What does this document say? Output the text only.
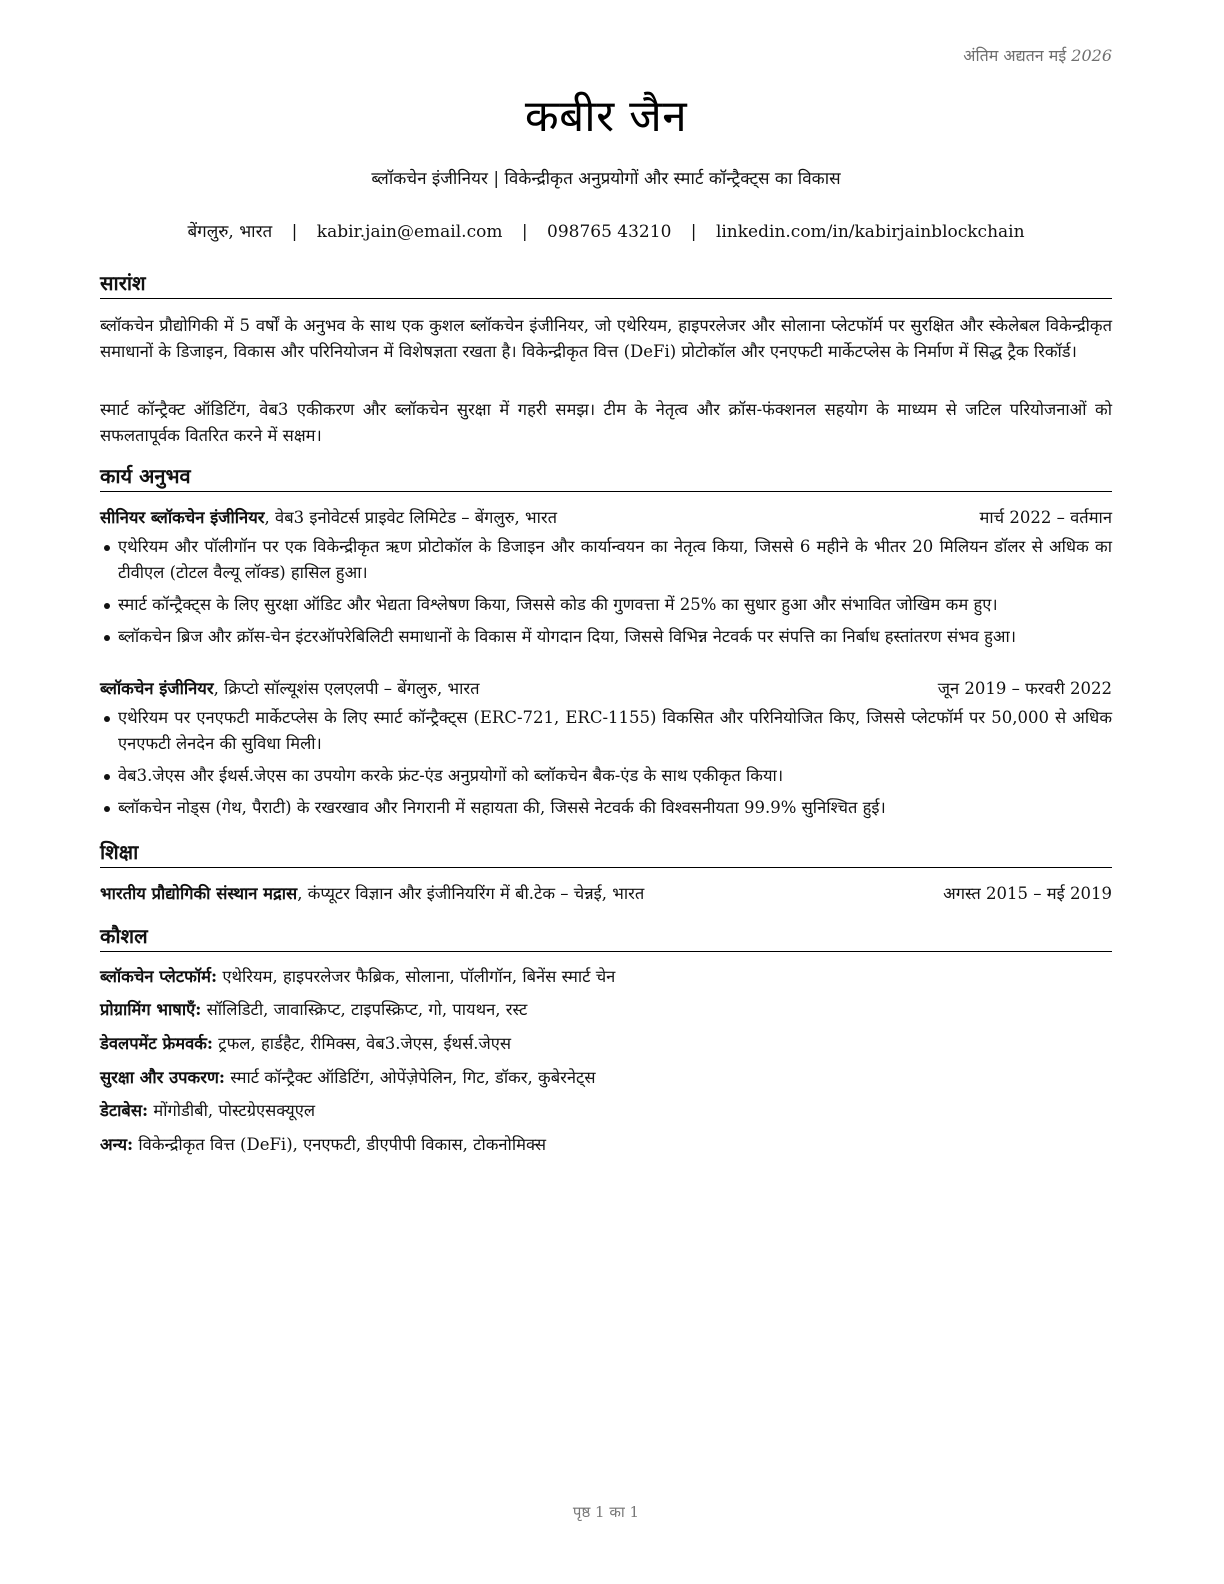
अंतिम अद्यतन मई 2026
कबीर जैन
ब्लॉकचेन इंजीनियर | विकेन्द्रीकृत अनुप्रयोगों और स्मार्ट कॉन्ट्रैक्ट्स का विकास
बेंगलुरु, भारत | kabir.jain@email.com | 098765 43210 | linkedin.com/in/kabirjainblockchain
सारांश
ब्लॉकचेन प्रौद्योगिकी में 5 वर्षों के अनुभव के साथ एक कुशल ब्लॉकचेन इंजीनियर, जो एथेरियम, हाइपरलेजर और सोलाना प्लेटफॉर्म पर सुरक्षित और स्केलेबल विकेन्द्रीकृत समाधानों के डिजाइन, विकास और परिनियोजन में विशेषज्ञता रखता है। विकेन्द्रीकृत वित्त (DeFi) प्रोटोकॉल और एनएफटी मार्केटप्लेस के निर्माण में सिद्ध ट्रैक रिकॉर्ड।
स्मार्ट कॉन्ट्रैक्ट ऑडिटिंग, वेब3 एकीकरण और ब्लॉकचेन सुरक्षा में गहरी समझ। टीम के नेतृत्व और क्रॉस-फंक्शनल सहयोग के माध्यम से जटिल परियोजनाओं को सफलतापूर्वक वितरित करने में सक्षम।
कार्य अनुभव
सीनियर ब्लॉकचेन इंजीनियर, वेब3 इनोवेटर्स प्राइवेट लिमिटेड – बेंगलुरु, भारत	मार्च 2022 – वर्तमान
एथेरियम और पॉलीगॉन पर एक विकेन्द्रीकृत ऋण प्रोटोकॉल के डिजाइन और कार्यान्वयन का नेतृत्व किया, जिससे 6 महीने के भीतर 20 मिलियन डॉलर से अधिक का टीवीएल (टोटल वैल्यू लॉक्ड) हासिल हुआ।
स्मार्ट कॉन्ट्रैक्ट्स के लिए सुरक्षा ऑडिट और भेद्यता विश्लेषण किया, जिससे कोड की गुणवत्ता में 25% का सुधार हुआ और संभावित जोखिम कम हुए।
ब्लॉकचेन ब्रिज और क्रॉस-चेन इंटरऑपरेबिलिटी समाधानों के विकास में योगदान दिया, जिससे विभिन्न नेटवर्क पर संपत्ति का निर्बाध हस्तांतरण संभव हुआ।
ब्लॉकचेन इंजीनियर, क्रिप्टो सॉल्यूशंस एलएलपी – बेंगलुरु, भारत	जून 2019 – फरवरी 2022
एथेरियम पर एनएफटी मार्केटप्लेस के लिए स्मार्ट कॉन्ट्रैक्ट्स (ERC-721, ERC-1155) विकसित और परिनियोजित किए, जिससे प्लेटफॉर्म पर 50,000 से अधिक एनएफटी लेनदेन की सुविधा मिली।
वेब3.जेएस और ईथर्स.जेएस का उपयोग करके फ्रंट-एंड अनुप्रयोगों को ब्लॉकचेन बैक-एंड के साथ एकीकृत किया।
ब्लॉकचेन नोड्स (गेथ, पैराटी) के रखरखाव और निगरानी में सहायता की, जिससे नेटवर्क की विश्वसनीयता 99.9% सुनिश्चित हुई।
शिक्षा
भारतीय प्रौद्योगिकी संस्थान मद्रास, कंप्यूटर विज्ञान और इंजीनियरिंग में बी.टेक – चेन्नई, भारत	अगस्त 2015 – मई 2019
कौशल
ब्लॉकचेन प्लेटफॉर्म: एथेरियम, हाइपरलेजर फैब्रिक, सोलाना, पॉलीगॉन, बिनेंस स्मार्ट चेन
प्रोग्रामिंग भाषाएँ: सॉलिडिटी, जावास्क्रिप्ट, टाइपस्क्रिप्ट, गो, पायथन, रस्ट
डेवलपमेंट फ्रेमवर्क: ट्रफल, हार्डहैट, रीमिक्स, वेब3.जेएस, ईथर्स.जेएस
सुरक्षा और उपकरण: स्मार्ट कॉन्ट्रैक्ट ऑडिटिंग, ओपेंज़ेपेलिन, गिट, डॉकर, कुबेरनेट्स
डेटाबेस: मोंगोडीबी, पोस्टग्रेएसक्यूएल
अन्य: विकेन्द्रीकृत वित्त (DeFi), एनएफटी, डीएपीपी विकास, टोकनोमिक्स
पृष्ठ 1 का 1
